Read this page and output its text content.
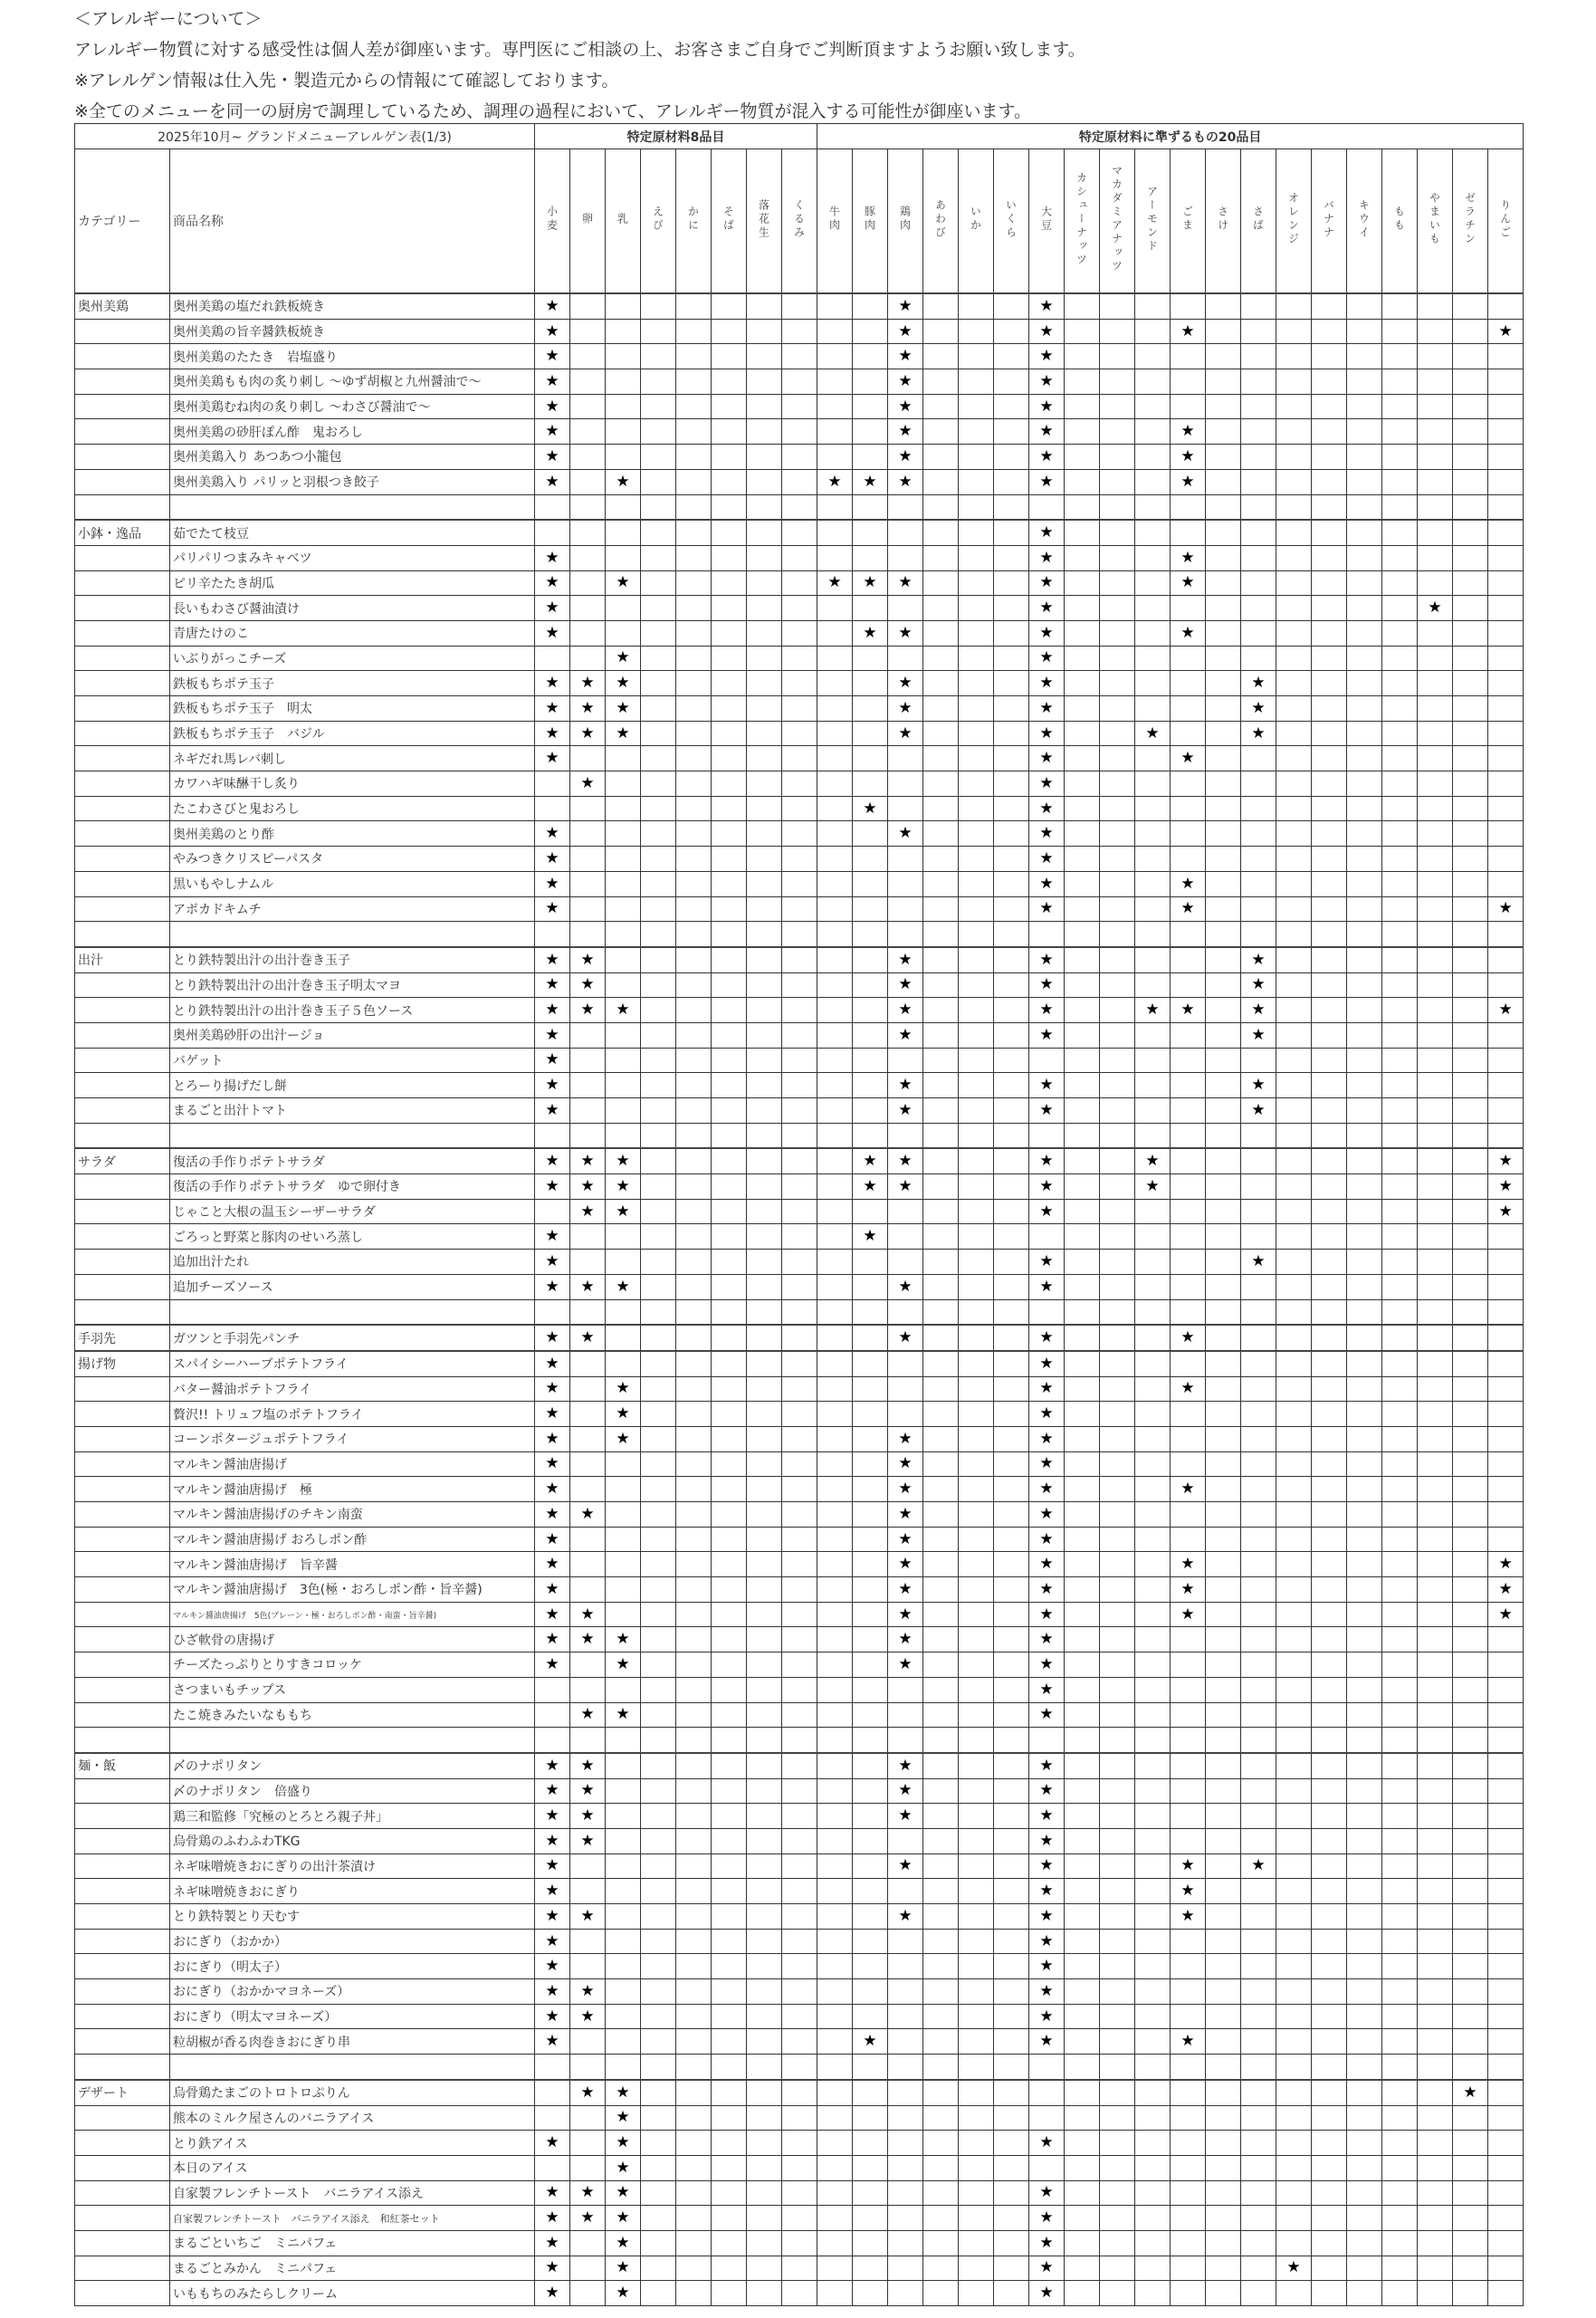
＜アレルギーについて＞
アレルギー物質に対する感受性は個人差が御座います。専門医にご相談の上、お客さまご自身でご判断頂ますようお願い致します。
※アレルゲン情報は仕入先・製造元からの情報にて確認しております。
※全てのメニューを同一の厨房で調理しているため、調理の過程において、アレルギー物質が混入する可能性が御座います。
2025年10月~ グランドメニューアレルゲン表(1/3)		特定原材料8品目								特定原材料に準ずるもの20品目																			
カテゴリー	商品名称	小麦	卵	乳	えび	かに	そば	落花生	くるみ	牛肉	豚肉	鶏肉	あわび	いか	いくら	大豆	カシューナッツ	マカダミアナッツ	アーモンド	ごま	さけ	さば	オレンジ	バナナ	キウイ	もも	やまいも	ゼラチン	りんご
奥州美鶏	奥州美鶏の塩だれ鉄板焼き	★										★				★													
	奥州美鶏の旨辛醤鉄板焼き	★										★				★				★									★
	奥州美鶏のたたき　岩塩盛り	★										★				★													
	奥州美鶏もも肉の炙り刺し ～ゆず胡椒と九州醤油で～	★										★				★													
	奥州美鶏むね肉の炙り刺し ～わさび醤油で～	★										★				★													
	奥州美鶏の砂肝ぽん酢　鬼おろし	★										★				★				★									
	奥州美鶏入り あつあつ小籠包	★										★				★				★									
	奥州美鶏入り パリッと羽根つき餃子	★		★						★	★	★				★				★									

小鉢・逸品	茹でたて枝豆															★													
	パリパリつまみキャベツ	★														★				★									
	ピリ辛たたき胡瓜	★		★						★	★	★				★				★									
	長いもわさび醤油漬け	★														★											★		
	青唐たけのこ	★									★	★				★				★									
	いぶりがっこチーズ			★												★													
	鉄板もちポテ玉子	★	★	★								★				★						★							
	鉄板もちポテ玉子　明太	★	★	★								★				★						★							
	鉄板もちポテ玉子　バジル	★	★	★								★				★			★			★							
	ネギだれ馬レバ刺し	★														★				★									
	カワハギ味醂干し炙り		★													★													
	たこわさびと鬼おろし										★					★													
	奥州美鶏のとり酢	★										★				★													
	やみつきクリスピーパスタ	★														★													
	黒いもやしナムル	★														★				★									
	アボカドキムチ	★														★				★									★

出汁	とり鉄特製出汁の出汁巻き玉子	★	★									★				★						★							
	とり鉄特製出汁の出汁巻き玉子明太マヨ	★	★									★				★						★							
	とり鉄特製出汁の出汁巻き玉子５色ソース	★	★	★								★				★			★	★		★							★
	奥州美鶏砂肝の出汁ージョ	★										★				★						★							
	バゲット	★																											
	とろーり揚げだし餅	★										★				★						★							
	まるごと出汁トマト	★										★				★						★							

サラダ	復活の手作りポテトサラダ	★	★	★							★	★				★			★										★
	復活の手作りポテトサラダ　ゆで卵付き	★	★	★							★	★				★			★										★
	じゃこと大根の温玉シーザーサラダ		★	★												★													★
	ごろっと野菜と豚肉のせいろ蒸し	★									★																		
	追加出汁たれ	★														★						★							
	追加チーズソース	★	★	★								★				★													

手羽先	ガツンと手羽先パンチ	★	★									★				★				★									
揚げ物	スパイシーハーブポテトフライ	★														★													
	バター醤油ポテトフライ	★		★												★				★									
	贅沢!! トリュフ塩のポテトフライ	★		★												★													
	コーンポタージュポテトフライ	★		★								★				★													
	マルキン醤油唐揚げ	★										★				★													
	マルキン醤油唐揚げ　極	★										★				★				★									
	マルキン醤油唐揚げのチキン南蛮	★	★									★				★													
	マルキン醤油唐揚げ おろしポン酢	★										★				★													
	マルキン醤油唐揚げ　旨辛醤	★										★				★				★									★
	マルキン醤油唐揚げ　3色(極・おろしポン酢・旨辛醤)	★										★				★				★									★
	マルキン醤油唐揚げ　5色(プレーン・極・おろしポン酢・南蛮・旨辛醤)	★	★									★				★				★									★
	ひざ軟骨の唐揚げ	★	★	★								★				★													
	チーズたっぷりとりすきコロッケ	★		★								★				★													
	さつまいもチップス															★													
	たこ焼きみたいなももち		★	★												★													

麺・飯	〆のナポリタン	★	★									★				★													
	〆のナポリタン　倍盛り	★	★									★				★													
	鶏三和監修「究極のとろとろ親子丼」	★	★									★				★													
	烏骨鶏のふわふわTKG	★	★													★													
	ネギ味噌焼きおにぎりの出汁茶漬け	★										★				★				★		★							
	ネギ味噌焼きおにぎり	★														★				★									
	とり鉄特製とり天むす	★	★									★				★				★									
	おにぎり（おかか）	★														★													
	おにぎり（明太子）	★														★													
	おにぎり（おかかマヨネーズ）	★	★													★													
	おにぎり（明太マヨネーズ）	★	★													★													
	粒胡椒が香る肉巻きおにぎり串	★									★					★				★									

デザート	烏骨鶏たまごのトロトロぷりん		★	★																								★	
	熊本のミルク屋さんのバニラアイス			★																									
	とり鉄アイス	★		★												★													
	本日のアイス			★																									
	自家製フレンチトースト　バニラアイス添え	★	★	★												★													
	自家製フレンチトースト　バニラアイス添え　和紅茶セット	★	★	★												★													
	まるごといちご　ミニパフェ	★		★												★													
	まるごとみかん　ミニパフェ	★		★												★							★						
	いももちのみたらしクリーム	★		★												★													
